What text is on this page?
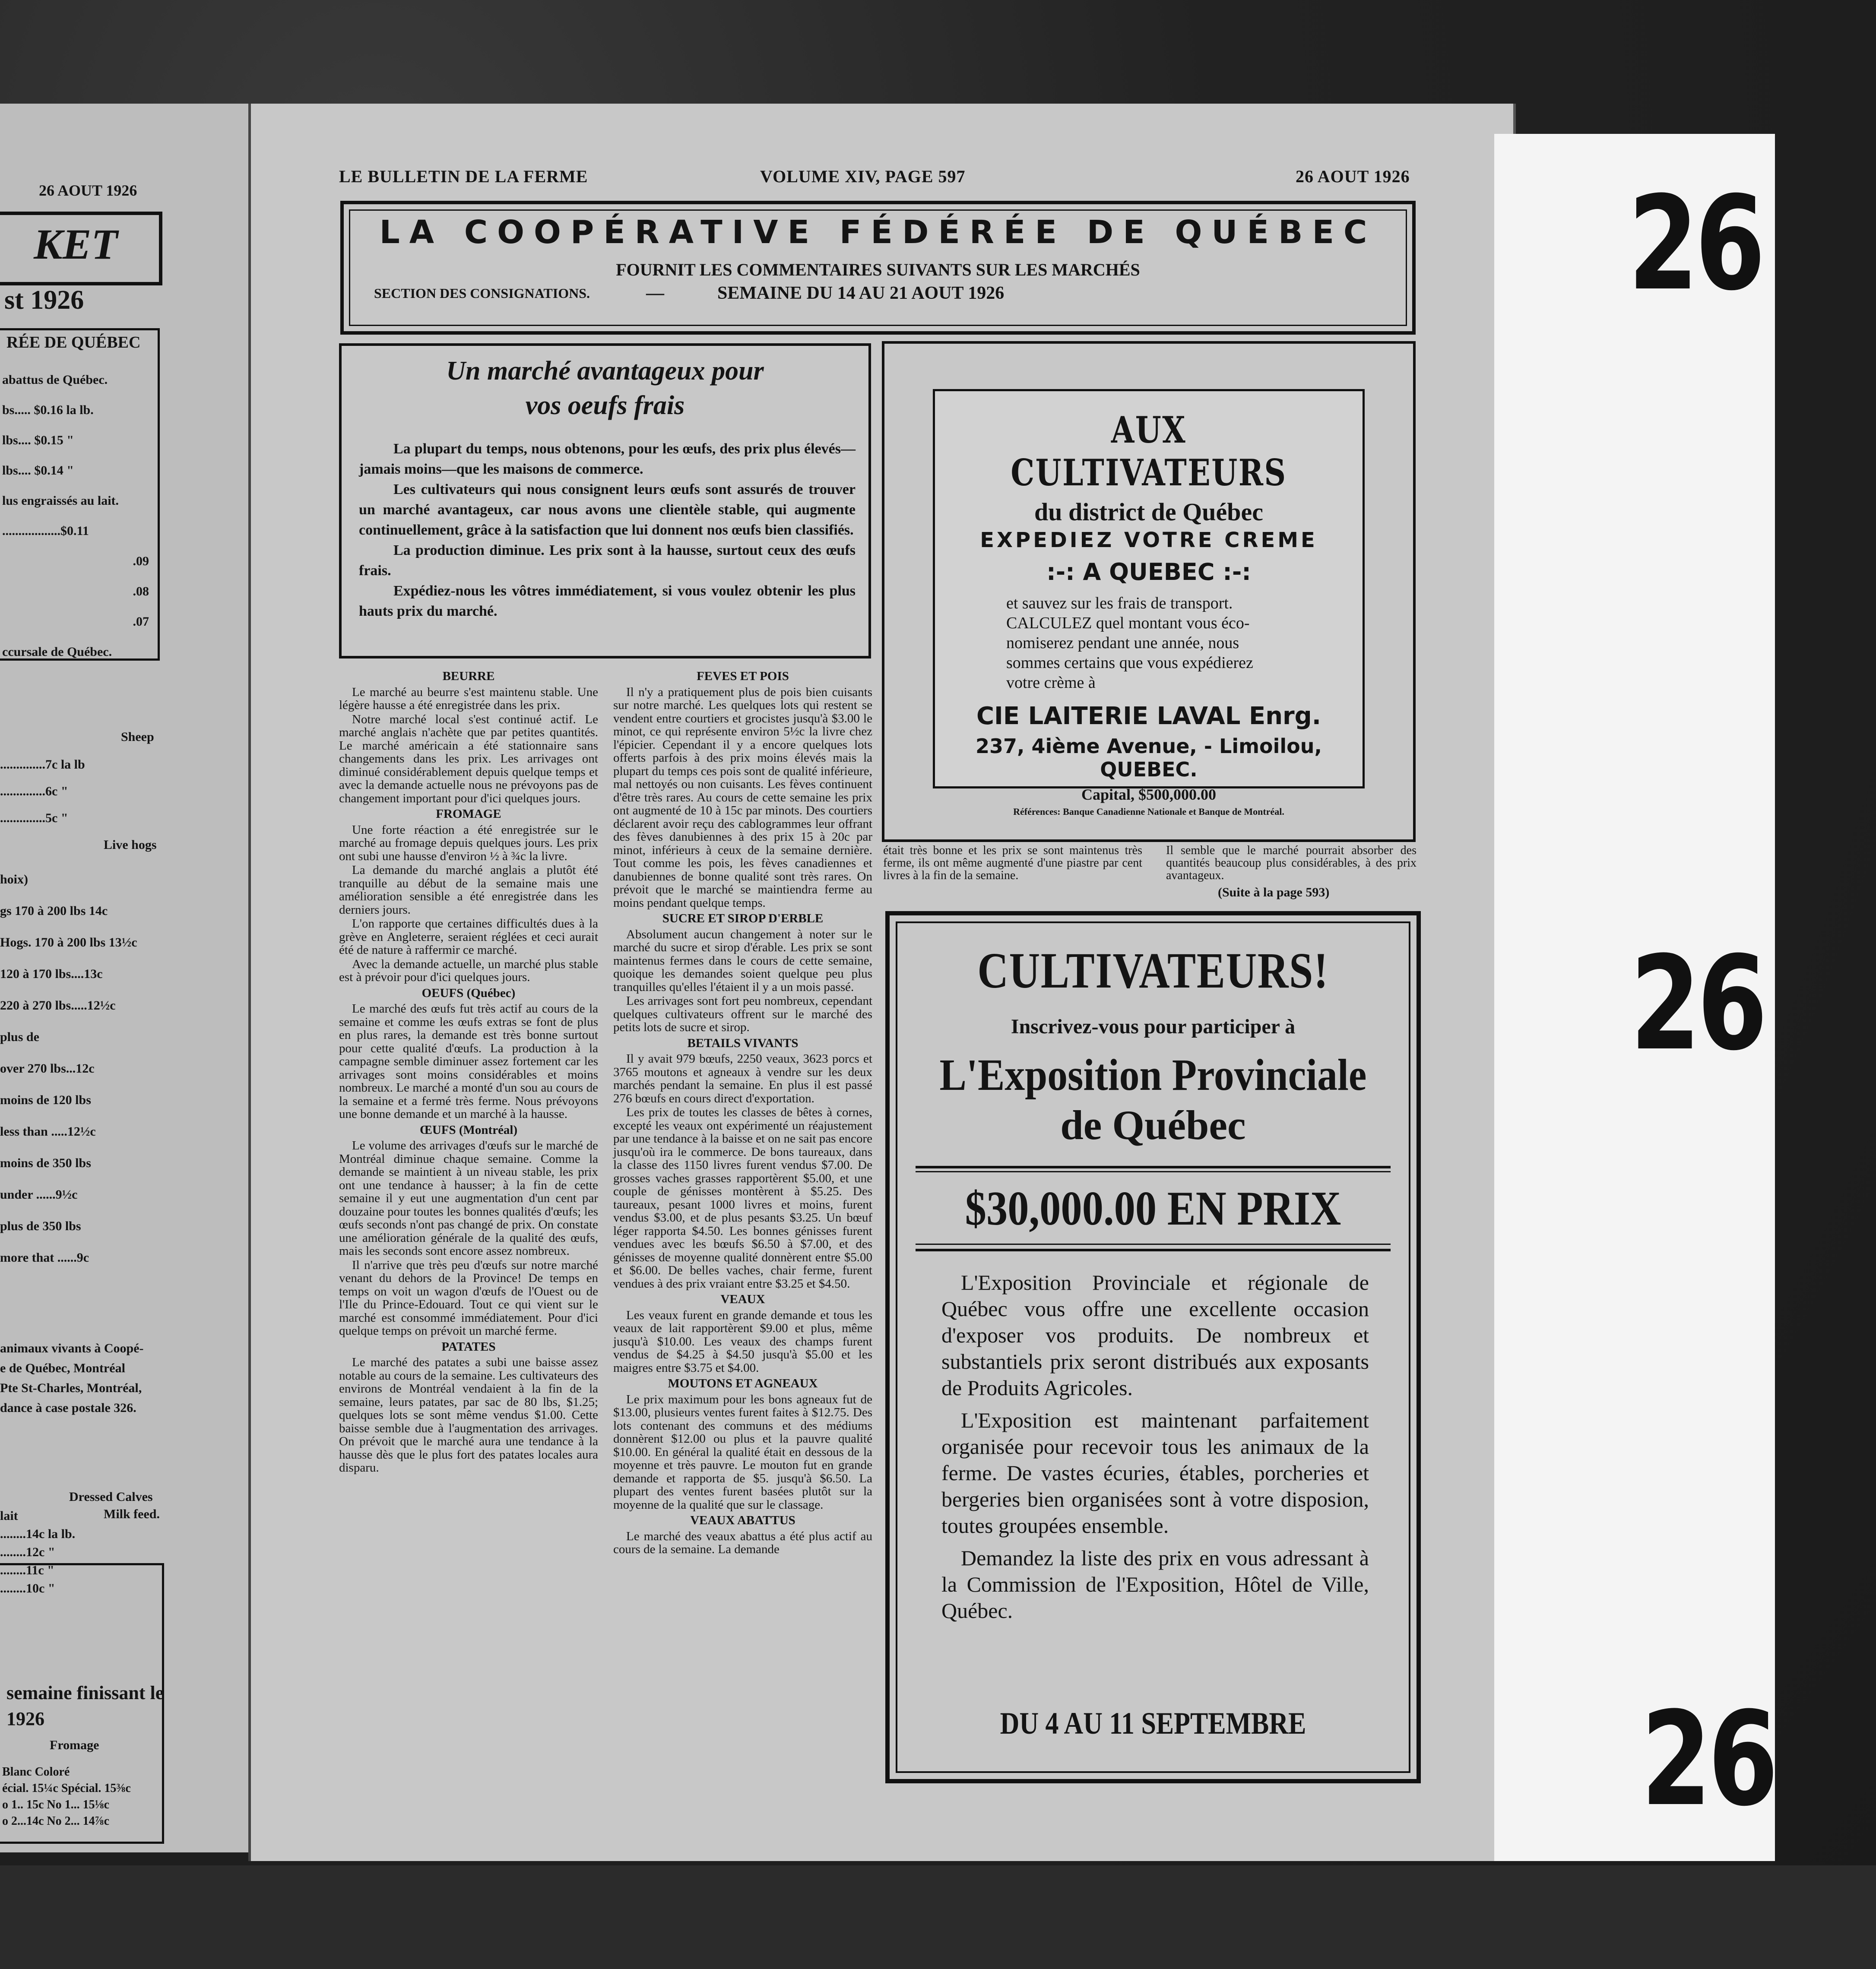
26 AOUT 1926
KET
st 1926
RÉE DE QUÉBEC
abattus de Québec.
bs..... $0.16 la lb.
lbs.... $0.15 "
lbs.... $0.14 "
lus engraissés au lait.
..................$0.11
.09
.08
.07
ccursale de Québec.
Sheep
..............7c la lb
..............6c "
..............5c "
Live hogs
hoix)
gs 170 à 200 lbs 14c
Hogs. 170 à 200 lbs 13½c
120 à 170 lbs....13c
220 à 270 lbs.....12½c
plus de
over 270 lbs...12c
moins de 120 lbs
less than .....12½c
moins de 350 lbs
under ......9½c
plus de 350 lbs
more that ......9c
animaux vivants à Coopé-
e de Québec, Montréal
Pte St-Charles, Montréal,
dance à case postale 326.
Dressed Calves
Milk feed.
lait
........14c la lb.
........12c "
........11c "
........10c "
semaine finissant le
1926
Fromage
Blanc Coloré
écial. 15¼c Spécial. 15⅜c
o 1.. 15c No 1... 15⅛c
o 2...14c No 2... 14⅞c
LE BULLETIN DE LA FERME	VOLUME XIV, PAGE 597	26 AOUT 1926
LA COOPÉRATIVE FÉDÉRÉE DE QUÉBEC
FOURNIT LES COMMENTAIRES SUIVANTS SUR LES MARCHÉS
SECTION DES CONSIGNATIONS.	—	SEMAINE DU 14 AU 21 AOUT 1926
Un marché avantageux pour
vos oeufs frais

La plupart du temps, nous obtenons, pour les œufs, des prix plus élevés—jamais moins—que les maisons de commerce.

Les cultivateurs qui nous consignent leurs œufs sont assurés de trouver un marché avantageux, car nous avons une clientèle stable, qui augmente continuellement, grâce à la satisfaction que lui donnent nos œufs bien classifiés.

La production diminue. Les prix sont à la hausse, surtout ceux des œufs frais.

Expédiez-nous les vôtres immédiatement, si vous voulez obtenir les plus hauts prix du marché.

AUX CULTIVATEURS
du district de Québec
EXPEDIEZ VOTRE CREME
:-: A QUEBEC :-:
et sauvez sur les frais de transport.
CALCULEZ quel montant vous éco-
nomiserez pendant une année, nous
sommes certains que vous expédierez
votre crème à
CIE LAITERIE LAVAL Enrg.
237, 4ième Avenue, - Limoilou, QUEBEC.
Capital, $500,000.00
Références: Banque Canadienne Nationale et Banque de Montréal.
était très bonne et les prix se sont maintenus très ferme, ils ont même augmenté d'une piastre par cent livres à la fin de la semaine.
Il semble que le marché pourrait absorber des quantités beaucoup plus considérables, à des prix avantageux.
(Suite à la page 593)
CULTIVATEURS!
Inscrivez-vous pour participer à
L'Exposition Provinciale
de Québec
$30,000.00 EN PRIX

L'Exposition Provinciale et régionale de Québec vous offre une excellente occasion d'exposer vos produits. De nombreux et substantiels prix seront distribués aux exposants de Produits Agricoles.

L'Exposition est maintenant parfaitement organisée pour recevoir tous les animaux de la ferme. De vastes écuries, étables, porcheries et bergeries bien organisées sont à votre disposion, toutes groupées ensemble.

Demandez la liste des prix en vous adressant à la Commission de l'Exposition, Hôtel de Ville, Québec.

DU 4 AU 11 SEPTEMBRE
BEURRE

Le marché au beurre s'est maintenu stable. Une légère hausse a été enregistrée dans les prix.

Notre marché local s'est continué actif. Le marché anglais n'achète que par petites quantités. Le marché américain a été stationnaire sans changements dans les prix. Les arrivages ont diminué considérablement depuis quelque temps et avec la demande actuelle nous ne prévoyons pas de changement important pour d'ici quelques jours.

FROMAGE

Une forte réaction a été enregistrée sur le marché au fromage depuis quelques jours. Les prix ont subi une hausse d'environ ½ à ¾c la livre.

La demande du marché anglais a plutôt été tranquille au début de la semaine mais une amélioration sensible a été enregistrée dans les derniers jours.

L'on rapporte que certaines difficultés dues à la grève en Angleterre, seraient réglées et ceci aurait été de nature à raffermir ce marché.

Avec la demande actuelle, un marché plus stable est à prévoir pour d'ici quelques jours.

OEUFS (Québec)

Le marché des œufs fut très actif au cours de la semaine et comme les œufs extras se font de plus en plus rares, la demande est très bonne surtout pour cette qualité d'œufs. La production à la campagne semble diminuer assez fortement car les arrivages sont moins considérables et moins nombreux. Le marché a monté d'un sou au cours de la semaine et a fermé très ferme. Nous prévoyons une bonne demande et un marché à la hausse.

ŒUFS (Montréal)

Le volume des arrivages d'œufs sur le marché de Montréal diminue chaque semaine. Comme la demande se maintient à un niveau stable, les prix ont une tendance à hausser; à la fin de cette semaine il y eut une augmentation d'un cent par douzaine pour toutes les bonnes qualités d'œufs; les œufs seconds n'ont pas changé de prix. On constate une amélioration générale de la qualité des œufs, mais les seconds sont encore assez nombreux.

Il n'arrive que très peu d'œufs sur notre marché venant du dehors de la Province! De temps en temps on voit un wagon d'œufs de l'Ouest ou de l'Ile du Prince-Edouard. Tout ce qui vient sur le marché est consommé immédiatement. Pour d'ici quelque temps on prévoit un marché ferme.

PATATES

Le marché des patates a subi une baisse assez notable au cours de la semaine. Les cultivateurs des environs de Montréal vendaient à la fin de la semaine, leurs patates, par sac de 80 lbs, $1.25; quelques lots se sont même vendus $1.00. Cette baisse semble due à l'augmentation des arrivages. On prévoit que le marché aura une tendance à la hausse dès que le plus fort des patates locales aura disparu.

FEVES ET POIS

Il n'y a pratiquement plus de pois bien cuisants sur notre marché. Les quelques lots qui restent se vendent entre courtiers et grocistes jusqu'à $3.00 le minot, ce qui représente environ 5½c la livre chez l'épicier. Cependant il y a encore quelques lots offerts parfois à des prix moins élevés mais la plupart du temps ces pois sont de qualité inférieure, mal nettoyés ou non cuisants. Les fèves continuent d'être très rares. Au cours de cette semaine les prix ont augmenté de 10 à 15c par minots. Des courtiers déclarent avoir reçu des cablogrammes leur offrant des fèves danubiennes à des prix 15 à 20c par minot, inférieurs à ceux de la semaine dernière. Tout comme les pois, les fèves canadiennes et danubiennes de bonne qualité sont très rares. On prévoit que le marché se maintiendra ferme au moins pendant quelque temps.

SUCRE ET SIROP D'ERBLE

Absolument aucun changement à noter sur le marché du sucre et sirop d'érable. Les prix se sont maintenus fermes dans le cours de cette semaine, quoique les demandes soient quelque peu plus tranquilles qu'elles l'étaient il y a un mois passé.

Les arrivages sont fort peu nombreux, cependant quelques cultivateurs offrent sur le marché des petits lots de sucre et sirop.

BETAILS VIVANTS

Il y avait 979 bœufs, 2250 veaux, 3623 porcs et 3765 moutons et agneaux à vendre sur les deux marchés pendant la semaine. En plus il est passé 276 bœufs en cours direct d'exportation.

Les prix de toutes les classes de bêtes à cornes, excepté les veaux ont expérimenté un réajustement par une tendance à la baisse et on ne sait pas encore jusqu'où ira le commerce. De bons taureaux, dans la classe des 1150 livres furent vendus $7.00. De grosses vaches grasses rapportèrent $5.00, et une couple de génisses montèrent à $5.25. Des taureaux, pesant 1000 livres et moins, furent vendus $3.00, et de plus pesants $3.25. Un bœuf léger rapporta $4.50. Les bonnes génisses furent vendues avec les bœufs $6.50 à $7.00, et des génisses de moyenne qualité donnèrent entre $5.00 et $6.00. De belles vaches, chair ferme, furent vendues à des prix vraiant entre $3.25 et $4.50.

VEAUX

Les veaux furent en grande demande et tous les veaux de lait rapportèrent $9.00 et plus, même jusqu'à $10.00. Les veaux des champs furent vendus de $4.25 à $4.50 jusqu'à $5.00 et les maigres entre $3.75 et $4.00.

MOUTONS ET AGNEAUX

Le prix maximum pour les bons agneaux fut de $13.00, plusieurs ventes furent faites à $12.75. Des lots contenant des communs et des médiums donnèrent $12.00 ou plus et la pauvre qualité $10.00. En général la qualité était en dessous de la moyenne et très pauvre. Le mouton fut en grande demande et rapporta de $5. jusqu'à $6.50. La plupart des ventes furent basées plutôt sur la moyenne de la qualité que sur le classage.

VEAUX ABATTUS

Le marché des veaux abattus a été plus actif au cours de la semaine. La demande

26
26
26
